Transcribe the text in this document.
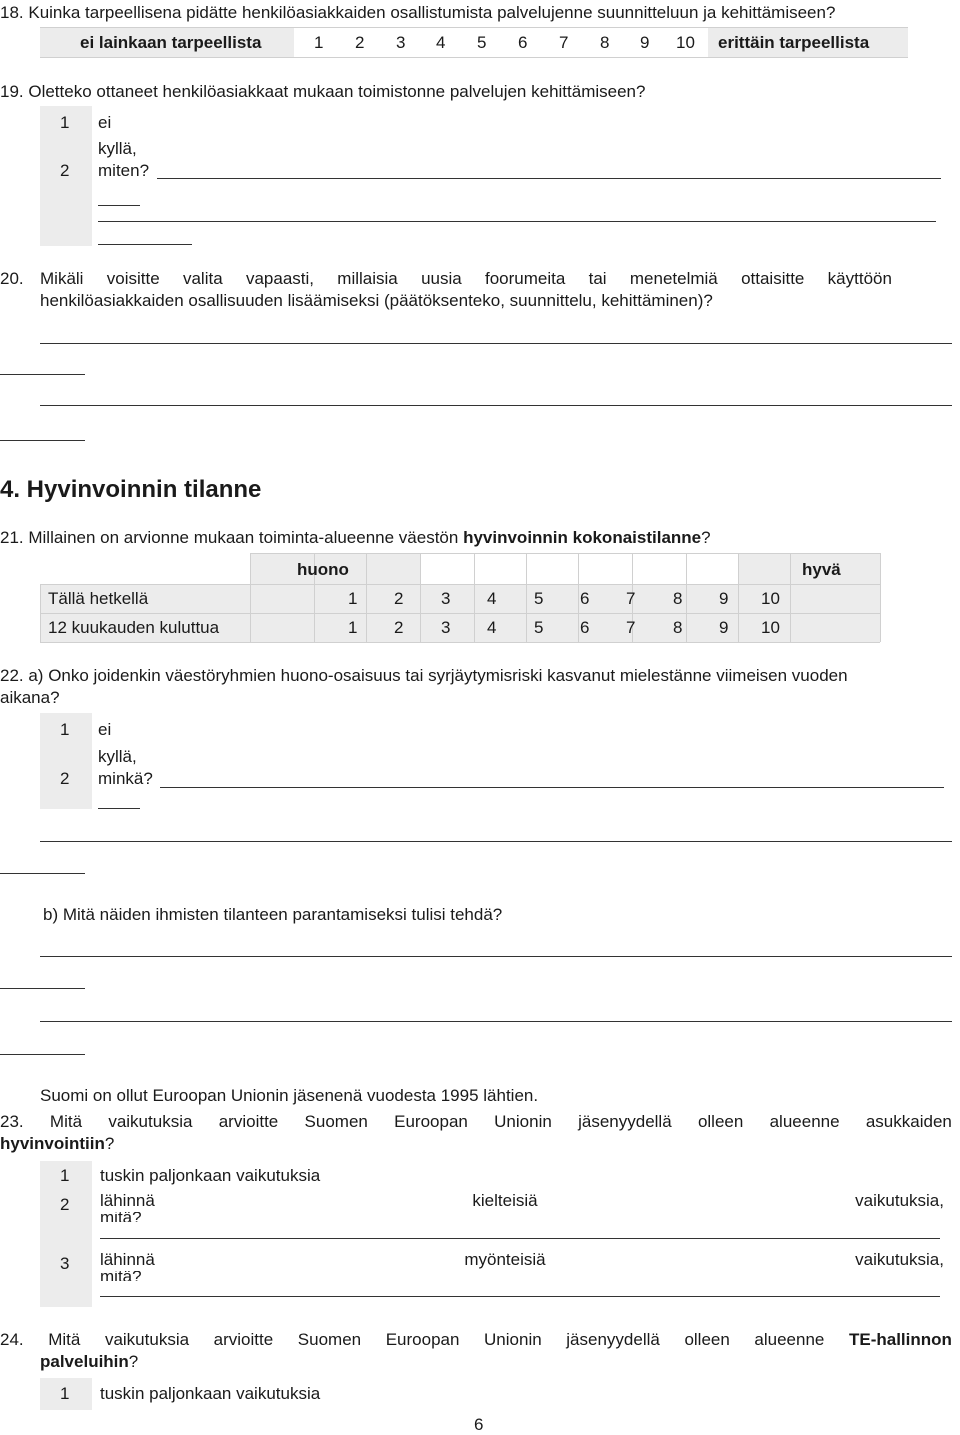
18. Kuinka tarpeellisena pidätte henkilöasiakkaiden osallistumista palvelujenne suunnitteluun ja kehittämiseen?
ei lainkaan tarpeellista	erittäin tarpeellista
1 2 3 4 5 6 7 8 9 10
19. Oletteko ottaneet henkilöasiakkaat mukaan toimistonne palvelujen kehittämiseen?
1 ei
kyllä,
2 miten?
20. Mikäli voisitte valita vapaasti, millaisia uusia foorumeita tai menetelmiä ottaisitte käyttöön
henkilöasiakkaiden osallisuuden lisäämiseksi (päätöksenteko, suunnittelu, kehittäminen)?
4. Hyvinvoinnin tilanne
21. Millainen on arvionne mukaan toiminta-alueenne väestön hyvinvoinnin kokonaistilanne?
huono	hyvä
Tällä hetkellä	1 2 3 4 5 6 7 8 9 10
12 kuukauden kuluttua	1 2 3 4 5 6 7 8 9 10
22. a) Onko joidenkin väestöryhmien huono-osaisuus tai syrjäytymisriski kasvanut mielestänne viimeisen vuoden
aikana?
1 ei
kyllä,
2 minkä?
b) Mitä näiden ihmisten tilanteen parantamiseksi tulisi tehdä?
Suomi on ollut Euroopan Unionin jäsenenä vuodesta 1995 lähtien.
23. Mitä vaikutuksia arvioitte Suomen Euroopan Unionin jäsenyydellä olleen alueenne asukkaiden
hyvinvointiin?
1 tuskin paljonkaan vaikutuksia
2 lähinnä	kielteisiä	vaikutuksia,
mitä?
3 lähinnä	myönteisiä	vaikutuksia,
mitä?
24. Mitä vaikutuksia arvioitte Suomen Euroopan Unionin jäsenyydellä olleen alueenne TE-hallinnon
palveluihin?
1 tuskin paljonkaan vaikutuksia
6
